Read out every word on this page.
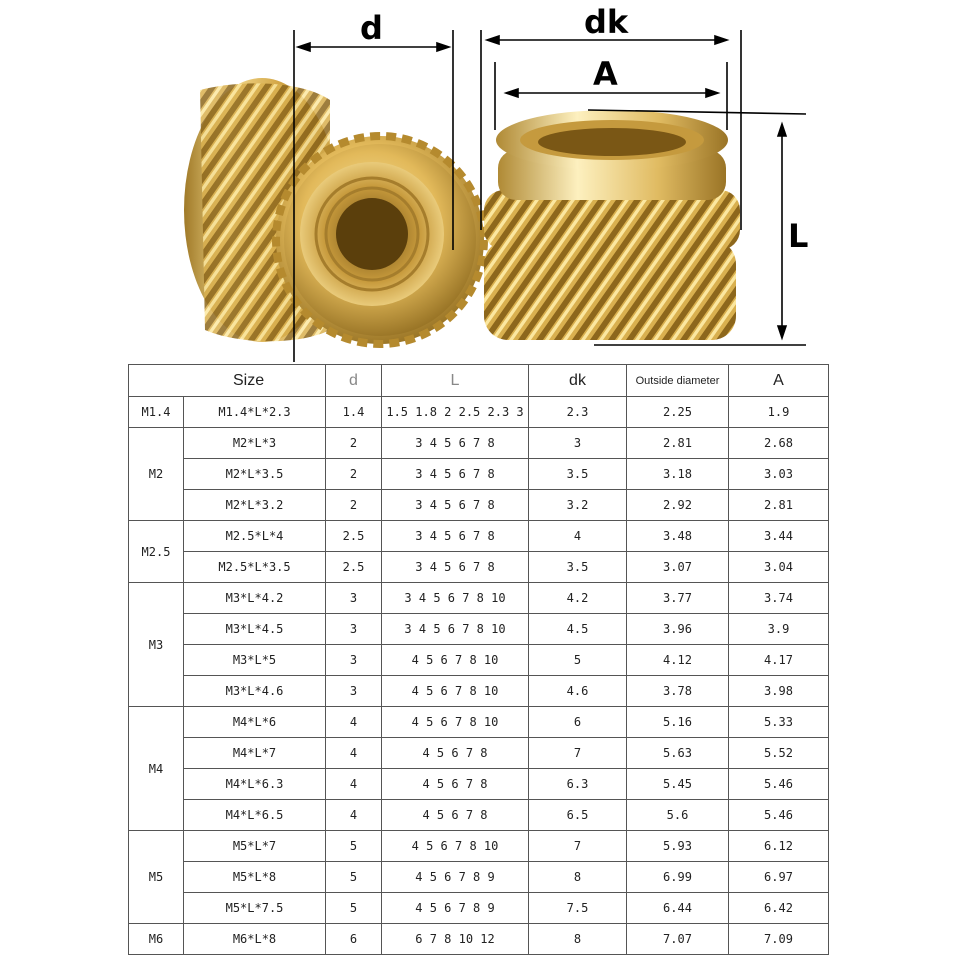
d	dk
A
L
Size		d	L	dk	Outside diameter	A
M1.4	M1.4*L*2.3	1.4	1.5 1.8 2 2.5 2.3 3	2.3	2.25	1.9
M2	M2*L*3	2	3 4 5 6 7 8	3	2.81	2.68
	M2*L*3.5	2	3 4 5 6 7 8	3.5	3.18	3.03
	M2*L*3.2	2	3 4 5 6 7 8	3.2	2.92	2.81
M2.5	M2.5*L*4	2.5	3 4 5 6 7 8	4	3.48	3.44
	M2.5*L*3.5	2.5	3 4 5 6 7 8	3.5	3.07	3.04
M3	M3*L*4.2	3	3 4 5 6 7 8 10	4.2	3.77	3.74
	M3*L*4.5	3	3 4 5 6 7 8 10	4.5	3.96	3.9
	M3*L*5	3	4 5 6 7 8 10	5	4.12	4.17
	M3*L*4.6	3	4 5 6 7 8 10	4.6	3.78	3.98
M4	M4*L*6	4	4 5 6 7 8 10	6	5.16	5.33
	M4*L*7	4	4 5 6 7 8	7	5.63	5.52
	M4*L*6.3	4	4 5 6 7 8	6.3	5.45	5.46
	M4*L*6.5	4	4 5 6 7 8	6.5	5.6	5.46
M5	M5*L*7	5	4 5 6 7 8 10	7	5.93	6.12
	M5*L*8	5	4 5 6 7 8 9	8	6.99	6.97
	M5*L*7.5	5	4 5 6 7 8 9	7.5	6.44	6.42
M6	M6*L*8	6	6 7 8 10 12	8	7.07	7.09
